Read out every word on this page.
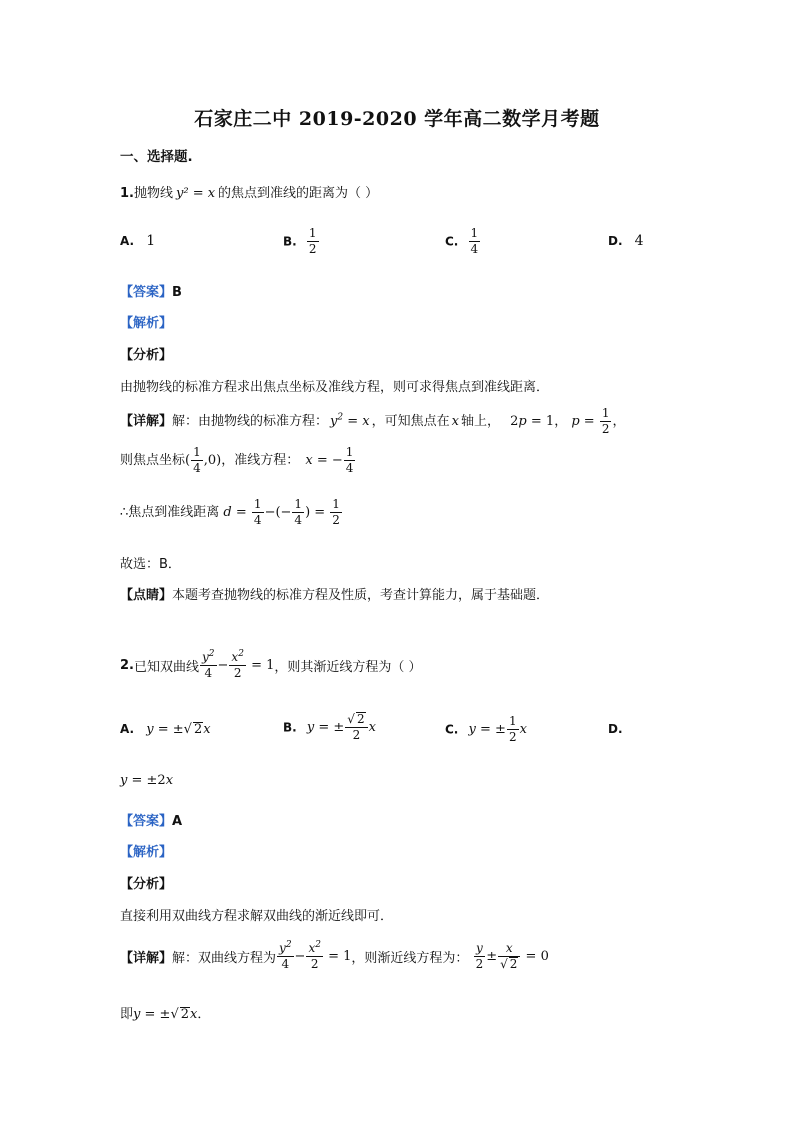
石家庄二中 2019-2020 学年高二数学月考题
一、选择题.
1.抛物线 y² = x 的焦点到准线的距离为（ ）
A. 1	B. $\frac{1}{2}$	C. $\frac{1}{4}$	D. 4
【答案】B
【解析】
【分析】
由抛物线的标准方程求出焦点坐标及准线方程，则可求得焦点到准线距离．
【详解】解：由抛物线的标准方程： $y^2 = x$ ，可知焦点在 x 轴上， 2p = 1， $p = \frac{1}{2}$ ，
则焦点坐标( $\frac{1}{4} ,0$)，准线方程： x = − $\frac{1}{4}$
∴焦点到准线距离 $d = \frac{1}{4}$ −(− $\frac{1}{4}$ ) = $\frac{1}{2}$
故选：B．
【点睛】本题考查抛物线的标准方程及性质，考查计算能力，属于基础题．
2.已知双曲线 $\frac{y^2}{4} - \frac{x^2}{2} = 1$，则其渐近线方程为（ ）
A. y = ±√ 2x	B. y = ± $\frac{√ 2}{2}$ x	C. y = ± $\frac{1}{2}$ x	D.
y = ±2x
【答案】A
【解析】
【分析】
直接利用双曲线方程求解双曲线的渐近线即可．
【详解】解：双曲线方程为 $\frac{y^2}{4} - \frac{x^2}{2} = 1$，则渐近线方程为： $\frac{y}{2} \pm \frac{x}{√ 2} = 0$
即y = ±√ 2x．
